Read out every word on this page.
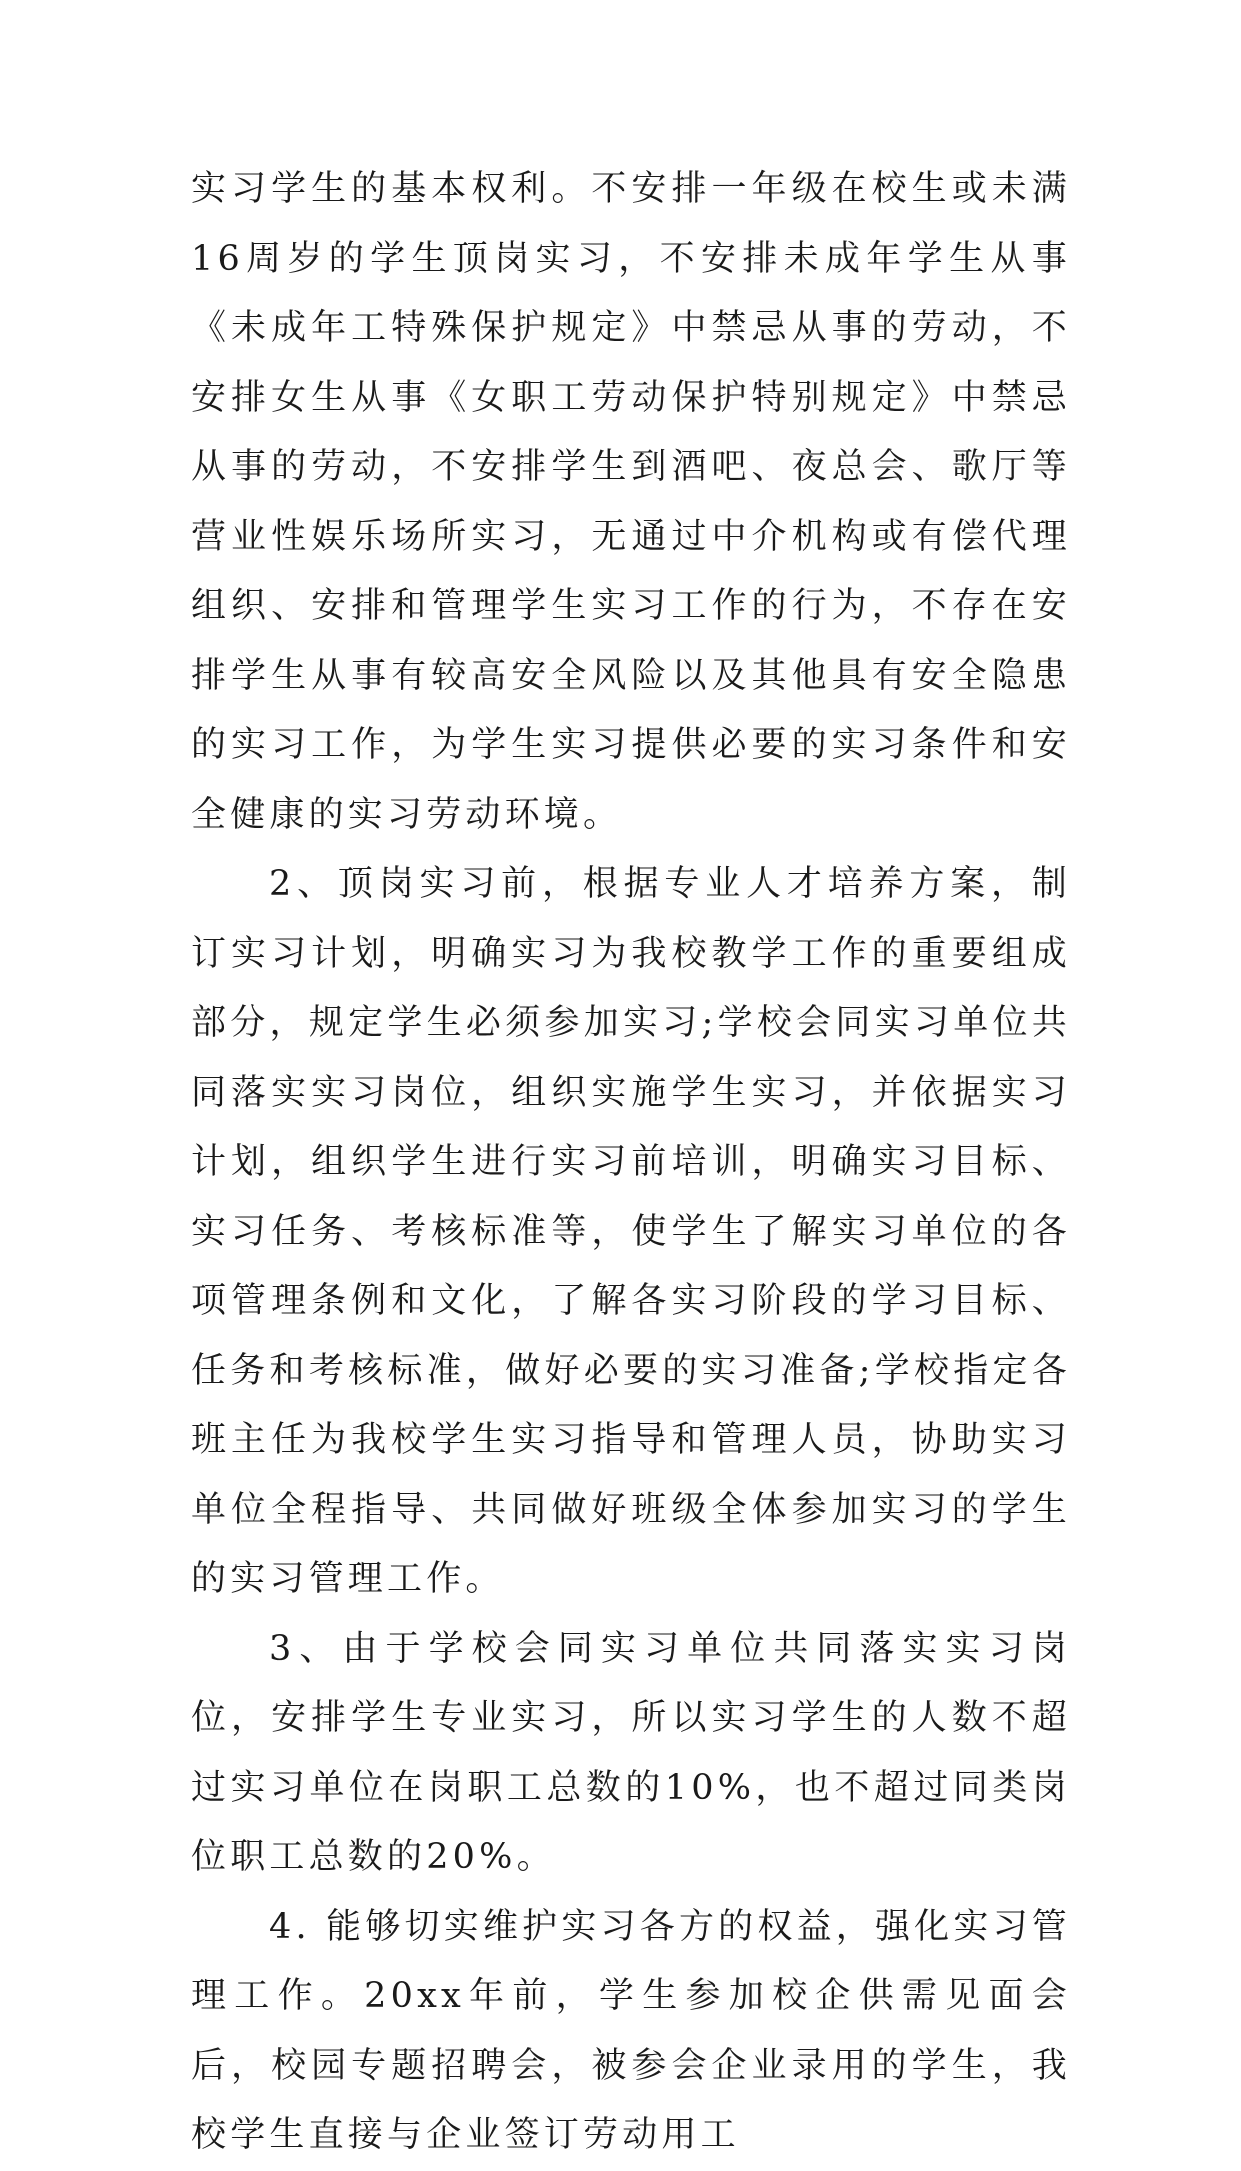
实习学生的基本权利。不安排一年级在校生或未满16周岁的学生顶岗实习，不安排未成年学生从事《未成年工特殊保护规定》中禁忌从事的劳动，不安排女生从事《女职工劳动保护特别规定》中禁忌从事的劳动，不安排学生到酒吧、夜总会、歌厅等营业性娱乐场所实习，无通过中介机构或有偿代理组织、安排和管理学生实习工作的行为，不存在安排学生从事有较高安全风险以及其他具有安全隐患的实习工作，为学生实习提供必要的实习条件和安全健康的实习劳动环境。

2、顶岗实习前，根据专业人才培养方案，制订实习计划，明确实习为我校教学工作的重要组成部分，规定学生必须参加实习;学校会同实习单位共同落实实习岗位，组织实施学生实习，并依据实习计划，组织学生进行实习前培训，明确实习目标、实习任务、考核标准等，使学生了解实习单位的各项管理条例和文化，了解各实习阶段的学习目标、任务和考核标准，做好必要的实习准备;学校指定各班主任为我校学生实习指导和管理人员，协助实习单位全程指导、共同做好班级全体参加实习的学生的实习管理工作。

3、由于学校会同实习单位共同落实实习岗位，安排学生专业实习，所以实习学生的人数不超过实习单位在岗职工总数的10%，也不超过同类岗位职工总数的20%。

4. 能够切实维护实习各方的权益，强化实习管理工作。20xx年前，学生参加校企供需见面会后，校园专题招聘会，被参会企业录用的学生，我校学生直接与企业签订劳动用工
